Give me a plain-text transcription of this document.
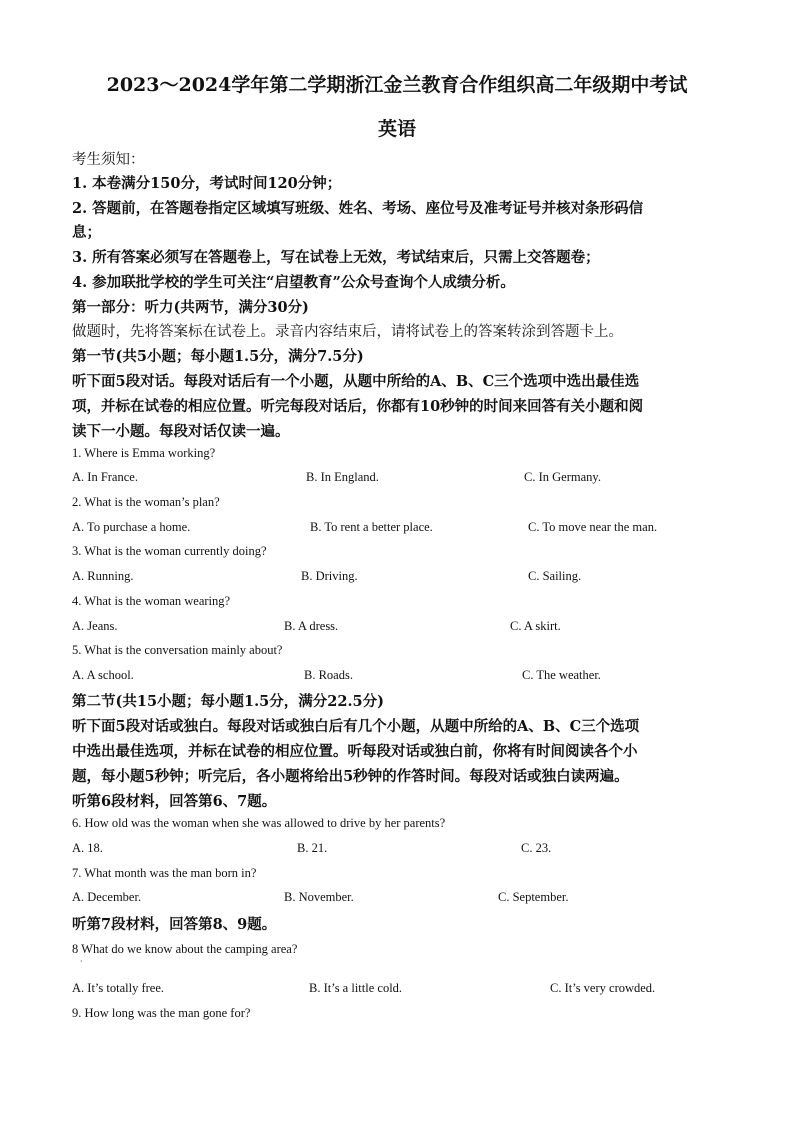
2023～2024学年第二学期浙江金兰教育合作组织高二年级期中考试
英语
考生须知：
1. 本卷满分150分，考试时间120分钟；
2. 答题前，在答题卷指定区域填写班级、姓名、考场、座位号及准考证号并核对条形码信
息；
3. 所有答案必须写在答题卷上，写在试卷上无效，考试结束后，只需上交答题卷；
4. 参加联批学校的学生可关注“启望教育”公众号查询个人成绩分析。
第一部分：听力(共两节，满分30分)
做题时，先将答案标在试卷上。录音内容结束后，请将试卷上的答案转涂到答题卡上。
第一节(共5小题；每小题1.5分，满分7.5分)
听下面5段对话。每段对话后有一个小题，从题中所给的A、B、C三个选项中选出最佳选
项，并标在试卷的相应位置。听完每段对话后，你都有10秒钟的时间来回答有关小题和阅
读下一小题。每段对话仅读一遍。
1. Where is Emma working?
A. In France.	B. In England.	C. In Germany.
2. What is the woman’s plan?
A. To purchase a home.	B. To rent a better place.	C. To move near the man.
3. What is the woman currently doing?
A. Running.	B. Driving.	C. Sailing.
4. What is the woman wearing?
A. Jeans.	B. A dress.	C. A skirt.
5. What is the conversation mainly about?
A. A school.	B. Roads.	C. The weather.
第二节(共15小题；每小题1.5分，满分22.5分)
听下面5段对话或独白。每段对话或独白后有几个小题，从题中所给的A、B、C三个选项
中选出最佳选项，并标在试卷的相应位置。听每段对话或独白前，你将有时间阅读各个小
题，每小题5秒钟；听完后，各小题将给出5秒钟的作答时间。每段对话或独白读两遍。
听第6段材料，回答第6、7题。
6. How old was the woman when she was allowed to drive by her parents?
A. 18.	B. 21.	C. 23.
7. What month was the man born in?
A. December.	B. November.	C. September.
听第7段材料，回答第8、9题。
8 What do we know about the camping area?
·
A. It’s totally free.	B. It’s a little cold.	C. It’s very crowded.
9. How long was the man gone for?
